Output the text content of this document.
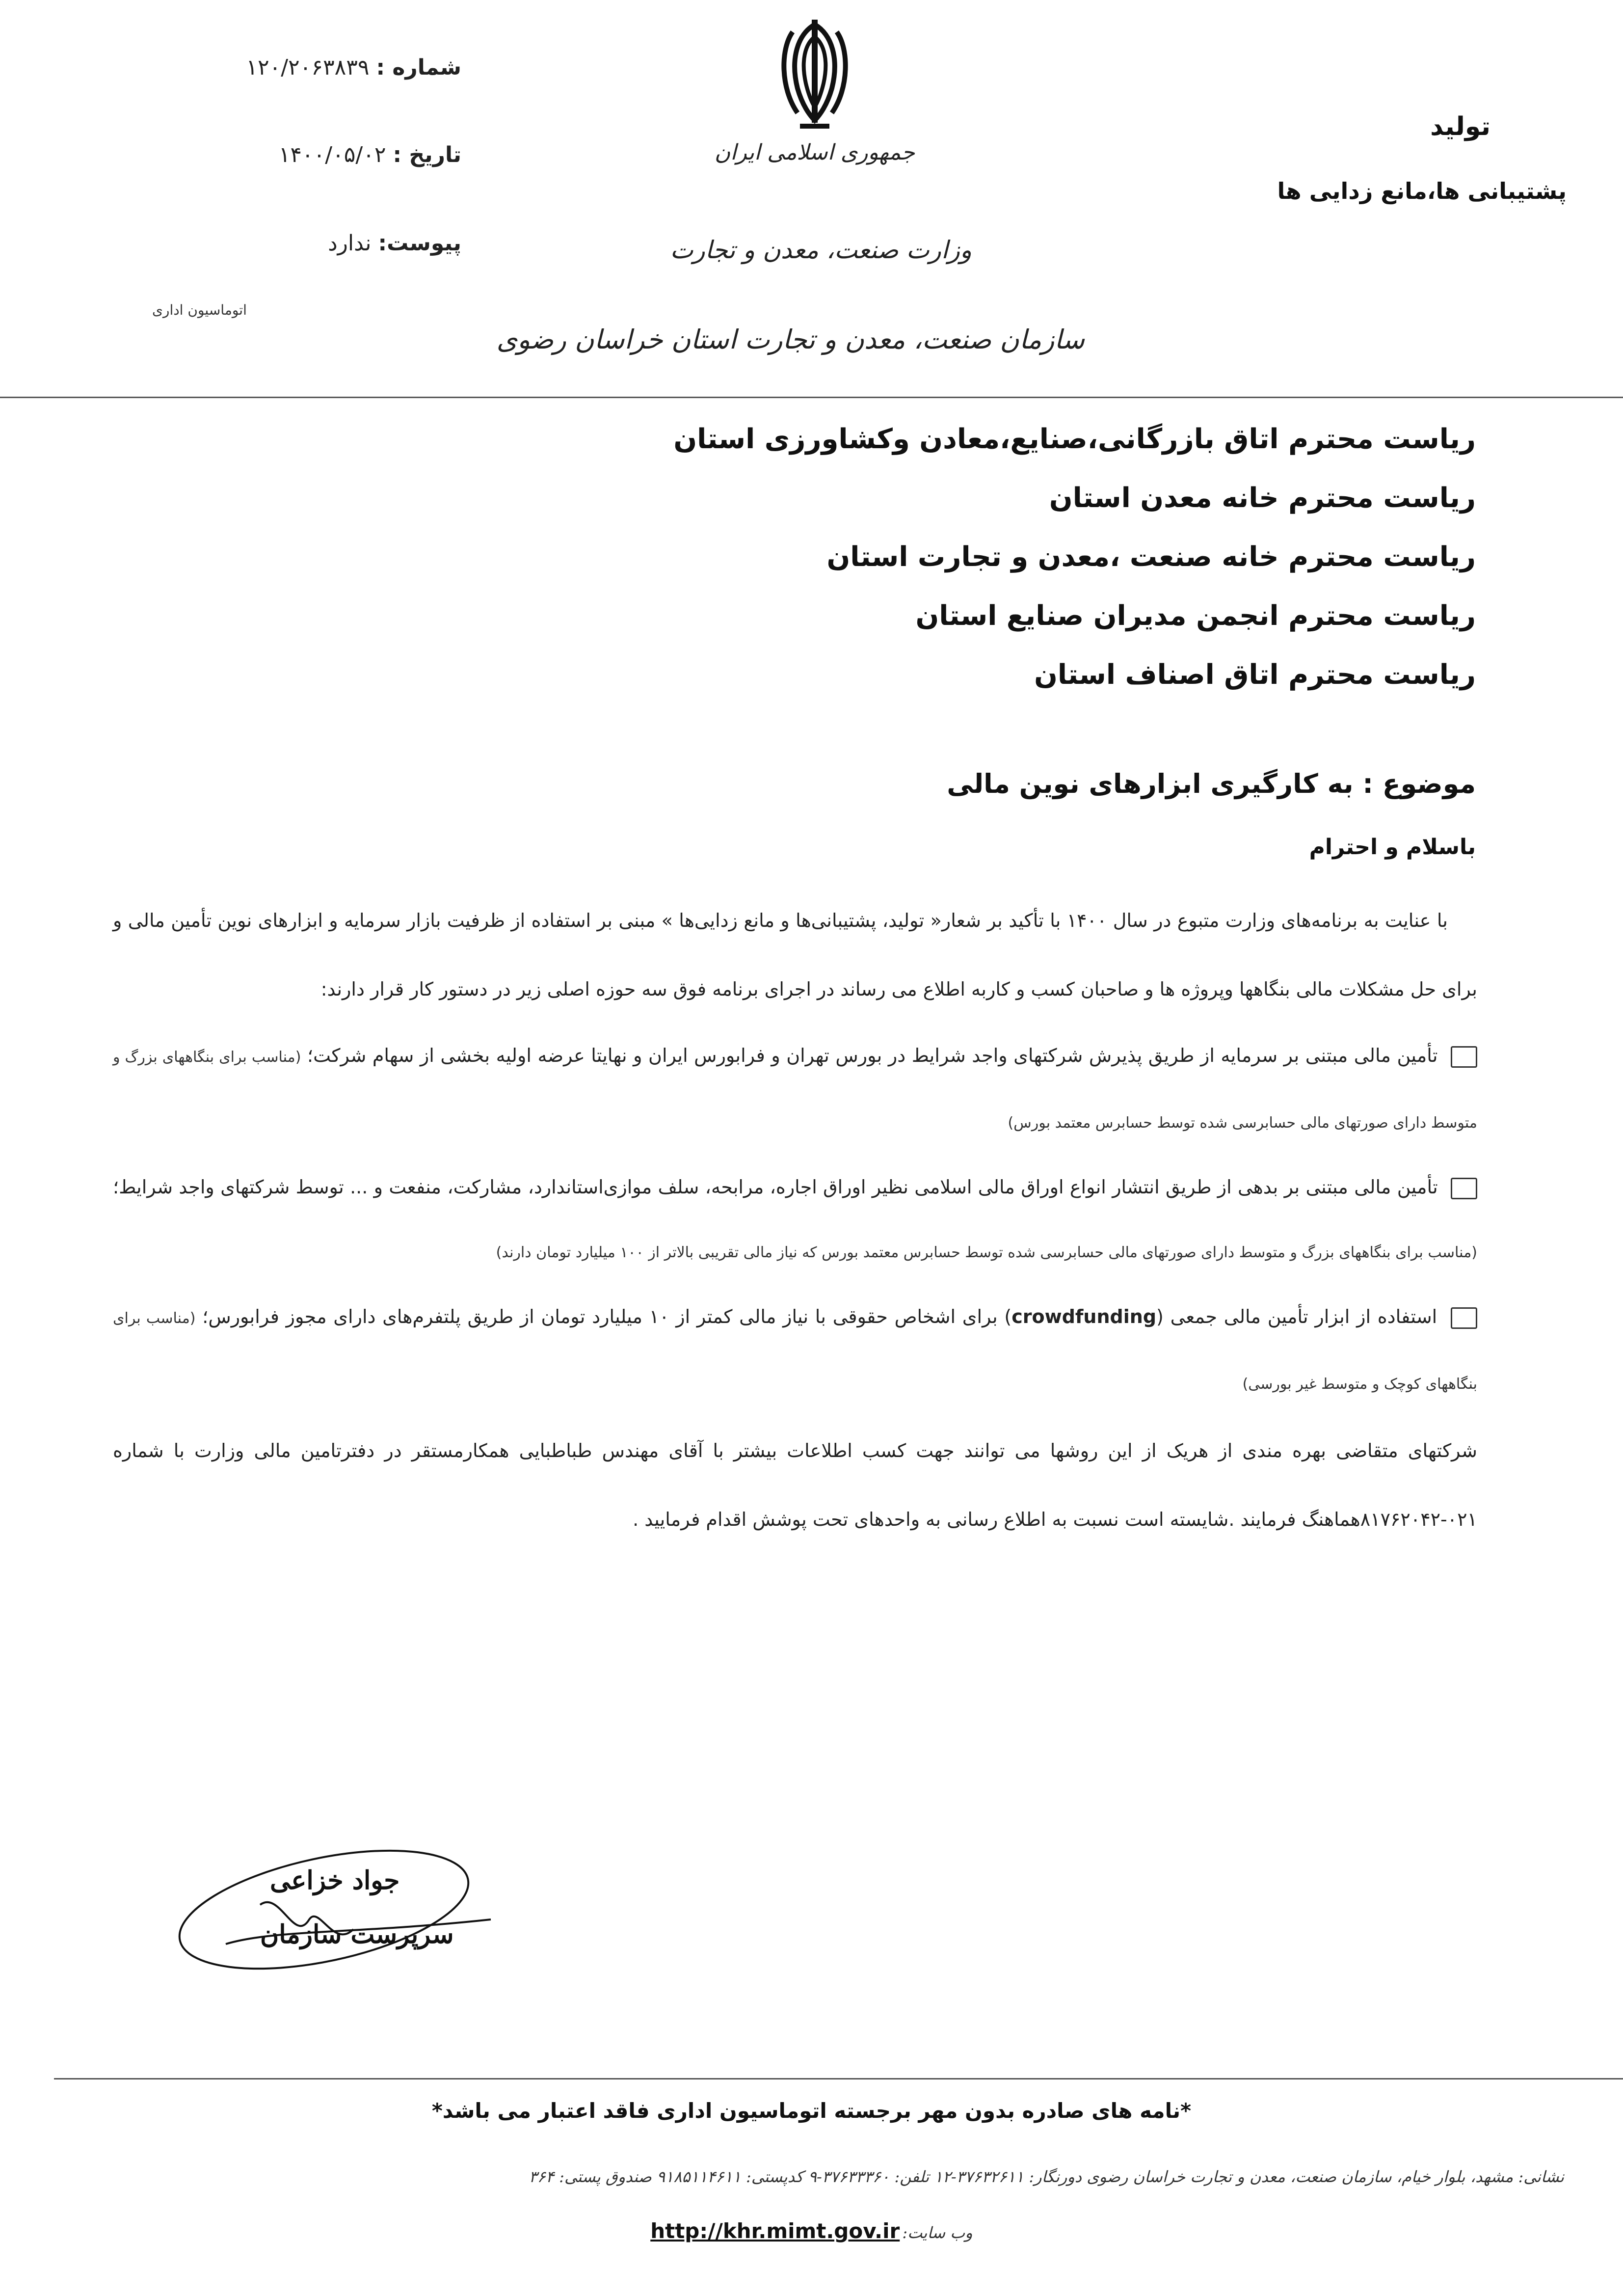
جمهوری اسلامی ایران
وزارت صنعت، معدن و تجارت
سازمان صنعت، معدن و تجارت استان خراسان رضوی
تولید
پشتیبانی ها،مانع زدایی ها
شماره : ۱۲۰/۲۰۶۳۸۳۹
تاریخ : ۱۴۰۰/۰۵/۰۲
پیوست: ندارد
اتوماسیون اداری
ریاست محترم اتاق بازرگانی،صنایع،معادن وکشاورزی استان
ریاست محترم خانه معدن استان
ریاست محترم خانه صنعت ،معدن و تجارت استان
ریاست محترم انجمن مدیران صنایع استان
ریاست محترم اتاق اصناف استان
موضوع : به کارگیری ابزارهای نوین مالی
باسلام و احترام

با عنایت به برنامه‌های وزارت متبوع در سال ۱۴۰۰ با تأکید بر شعار« تولید، پشتیبانی‌ها و مانع زدایی‌ها » مبنی بر استفاده از ظرفیت بازار سرمایه و ابزارهای نوین تأمین مالی و برای حل مشکلات مالی بنگاهها وپروژه ها و صاحبان کسب و کاربه اطلاع می رساند در اجرای برنامه فوق سه حوزه اصلی زیر در دستور کار قرار دارند:

تأمین مالی مبتنی بر سرمایه از طریق پذیرش شرکتهای واجد شرایط در بورس تهران و فرابورس ایران و نهایتا عرضه اولیه بخشی از سهام شرکت؛ (مناسب برای بنگاههای بزرگ و متوسط دارای صورتهای مالی حسابرسی شده توسط حسابرس معتمد بورس)
تأمین مالی مبتنی بر بدهی از طریق انتشار انواع اوراق مالی اسلامی نظیر اوراق اجاره، مرابحه، سلف موازی‌استاندارد، مشارکت، منفعت و ... توسط شرکتهای واجد شرایط؛ (مناسب برای بنگاههای بزرگ و متوسط دارای صورتهای مالی حسابرسی شده توسط حسابرس معتمد بورس که نیاز مالی تقریبی بالاتر از ۱۰۰ میلیارد تومان دارند)
استفاده از ابزار تأمین مالی جمعی (crowdfunding) برای اشخاص حقوقی با نیاز مالی کمتر از ۱۰ میلیارد تومان از طریق پلتفرم‌های دارای مجوز فرابورس؛ (مناسب برای بنگاههای کوچک و متوسط غیر بورسی)

شرکتهای متقاضی بهره مندی از هریک از این روشها می توانند جهت کسب اطلاعات بیشتر با آقای مهندس طباطبایی همکارمستقر در دفترتامین مالی وزارت با شماره ۰۲۱-۸۱۷۶۲۰۴۲هماهنگ فرمایند .شایسته است نسبت به اطلاع رسانی به واحدهای تحت پوشش اقدام فرمایید .

جواد خزاعی
سرپرست سازمان
*نامه های صادره بدون مهر برجسته اتوماسیون اداری فاقد اعتبار می باشد*
نشانی: مشهد، بلوار خیام، سازمان صنعت، معدن و تجارت خراسان رضوی دورنگار: ۳۷۶۳۲۶۱۱-۱۲ تلفن: ۳۷۶۳۳۳۶۰-۹ کدپستی: ۹۱۸۵۱۱۴۶۱۱ صندوق پستی: ۳۶۴
وب سایت: http://khr.mimt.gov.ir
